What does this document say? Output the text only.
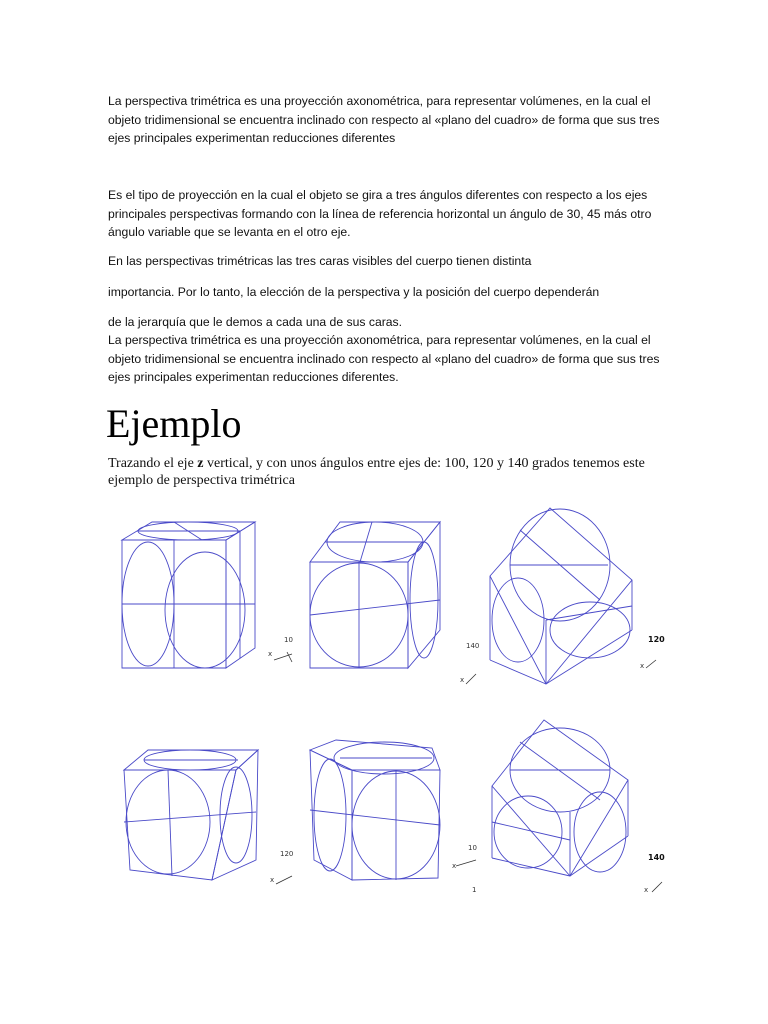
La perspectiva trimétrica es una proyección axonométrica, para representar volúmenes, en la cual el objeto tridimensional se encuentra inclinado con respecto al «plano del cuadro» de forma que sus tres ejes principales experimentan reducciones diferentes

Es el tipo de proyección en la cual el objeto se gira a tres ángulos diferentes con respecto a los ejes principales perspectivas formando con la línea de referencia horizontal un ángulo de 30, 45 más otro ángulo variable que se levanta en el otro eje.

En las perspectivas trimétricas las tres caras visibles del cuerpo tienen distinta

importancia. Por lo tanto, la elección de la perspectiva y la posición del cuerpo dependerán

de la jerarquía que le demos a cada una de sus caras.

La perspectiva trimétrica es una proyección axonométrica, para representar volúmenes, en la cual el objeto tridimensional se encuentra inclinado con respecto al «plano del cuadro» de forma que sus tres ejes principales experimentan reducciones diferentes.

Ejemplo

Trazando el eje z vertical, y con unos ángulos entre ejes de: 100, 120 y 140 grados tenemos este ejemplo de perspectiva trimétrica

10
x
140
x
120
x
120
x
10
x
1
140
x
